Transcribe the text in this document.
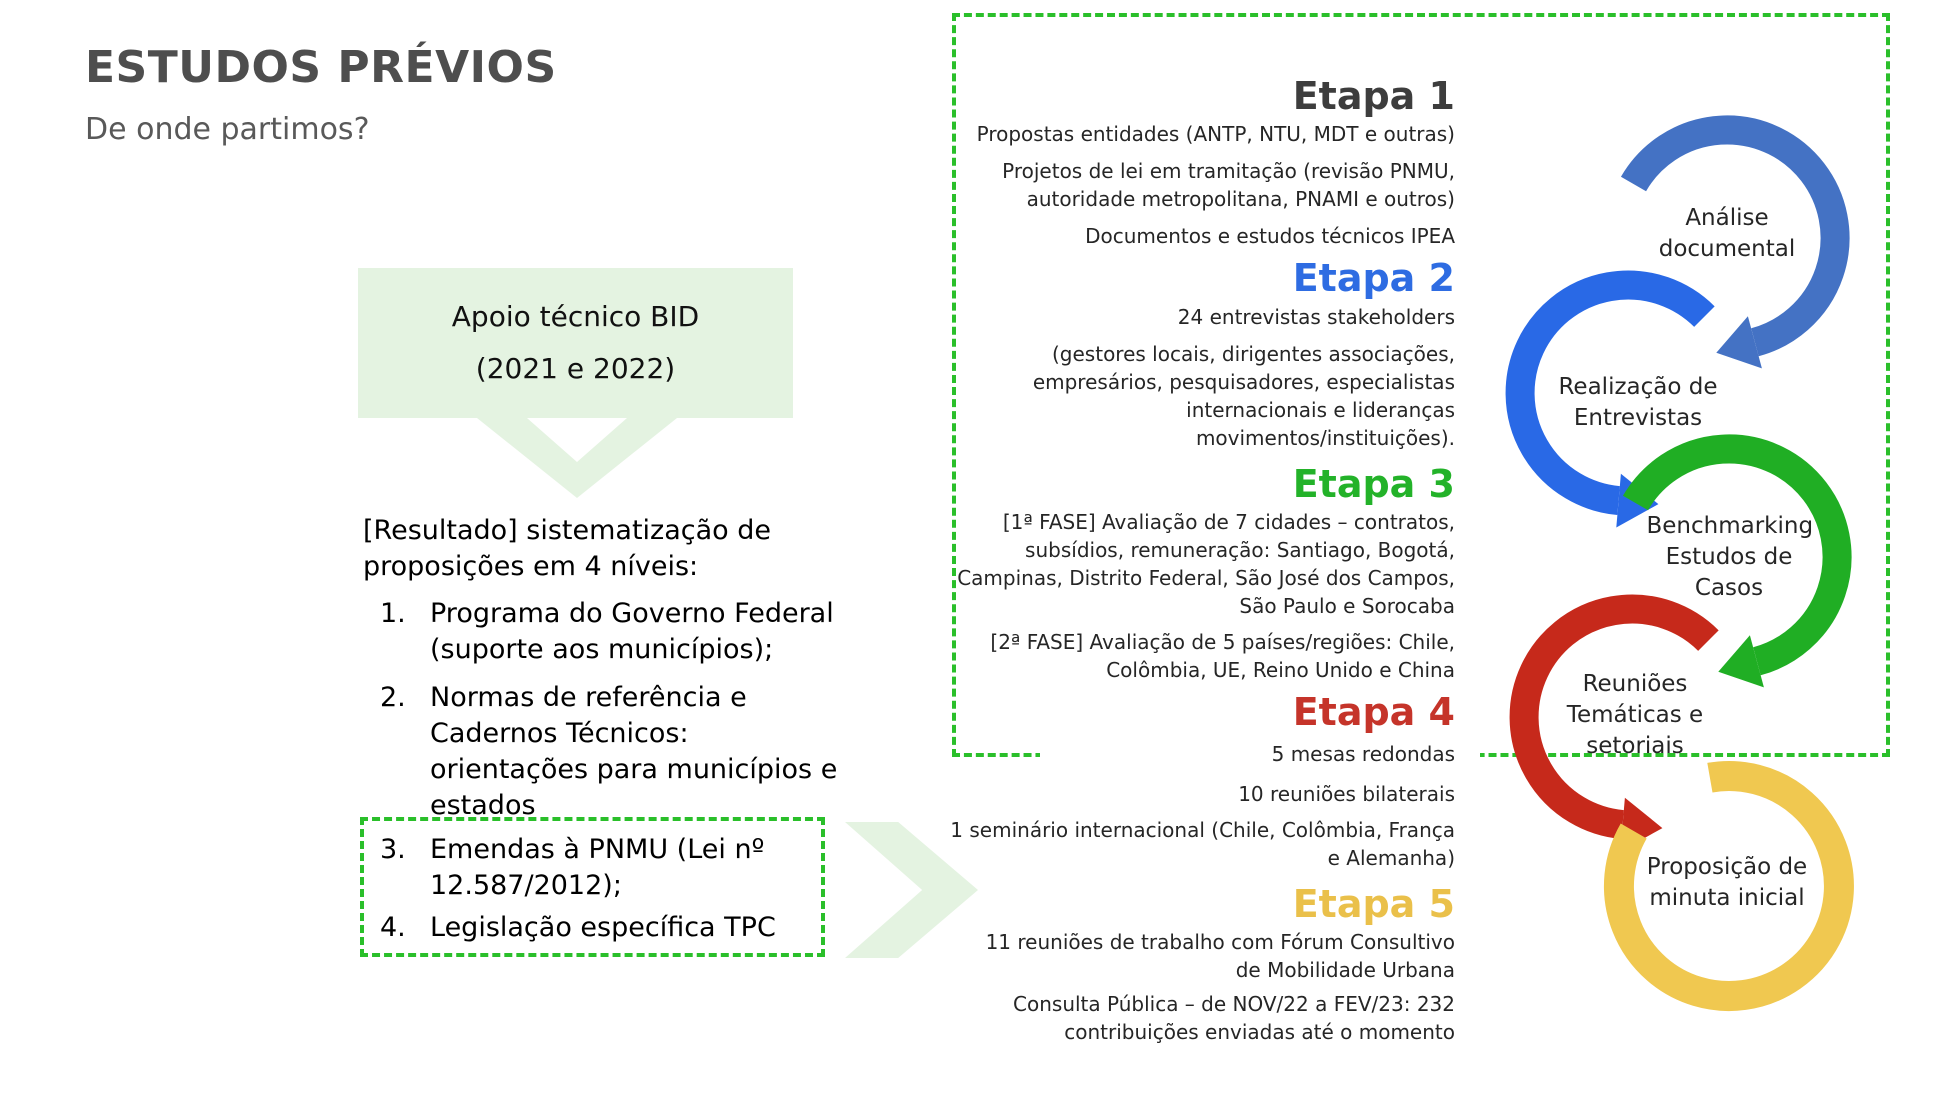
ESTUDOS PRÉVIOS
De onde partimos?
Apoio técnico BID
(2021 e 2022)
[Resultado] sistematização de proposições em 4 níveis:
1. Programa do Governo Federal (suporte aos municípios);
2. Normas de referência e Cadernos Técnicos: orientações para municípios e estados
3. Emendas à PNMU (Lei nº 12.587/2012);
4. Legislação específica TPC
Etapa 1
Propostas entidades (ANTP, NTU, MDT e outras)
Projetos de lei em tramitação (revisão PNMU, autoridade metropolitana, PNAMI e outros)
Documentos e estudos técnicos IPEA
Etapa 2
24 entrevistas stakeholders
(gestores locais, dirigentes associações, empresários, pesquisadores, especialistas internacionais e lideranças movimentos/instituições).
Etapa 3
[1ª FASE] Avaliação de 7 cidades – contratos, subsídios, remuneração: Santiago, Bogotá, Campinas, Distrito Federal, São José dos Campos, São Paulo e Sorocaba
[2ª FASE] Avaliação de 5 países/regiões: Chile, Colômbia, UE, Reino Unido e China
Etapa 4
5 mesas redondas
10 reuniões bilaterais
1 seminário internacional (Chile, Colômbia, França e Alemanha)
Etapa 5
11 reuniões de trabalho com Fórum Consultivo de Mobilidade Urbana
Consulta Pública – de NOV/22 a FEV/23: 232 contribuições enviadas até o momento
Análise documental
Realização de Entrevistas
Benchmarking Estudos de Casos
Reuniões Temáticas e setoriais
Proposição de minuta inicial
